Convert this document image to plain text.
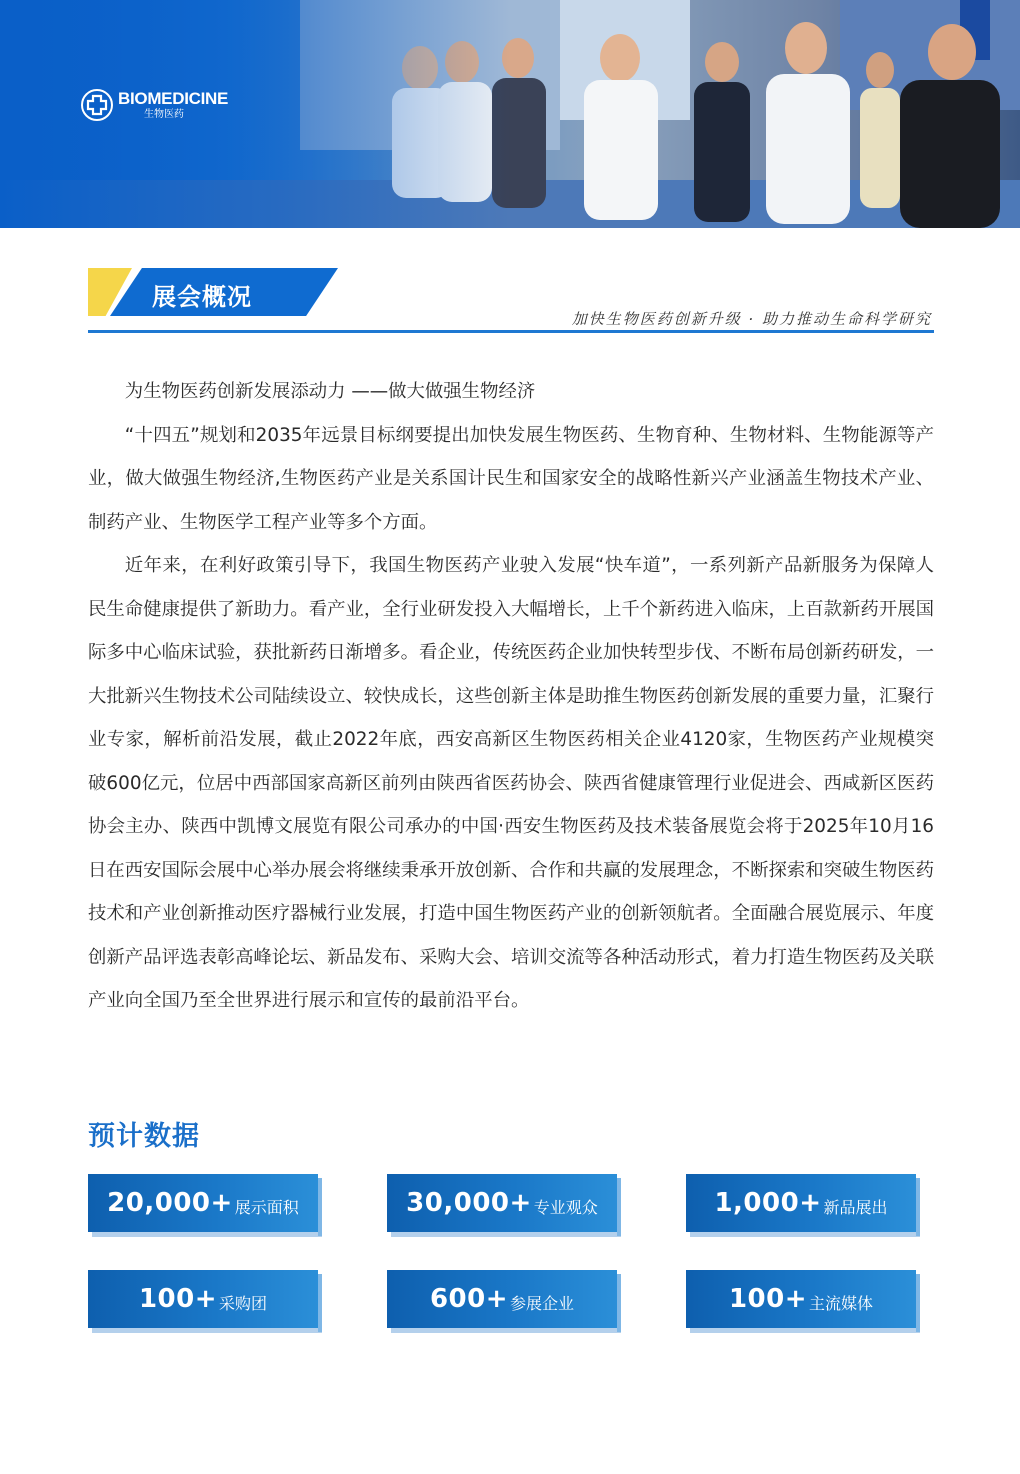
BIOMEDICINE
生物医药
展会概况
加快生物医药创新升级 · 助力推动生命科学研究

为生物医药创新发展添动力 ——做大做强生物经济

“十四五”规划和2035年远景目标纲要提出加快发展生物医药、生物育种、生物材料、生物能源等产业，做大做强生物经济,生物医药产业是关系国计民生和国家安全的战略性新兴产业涵盖生物技术产业、制药产业、生物医学工程产业等多个方面。

近年来，在利好政策引导下，我国生物医药产业驶入发展“快车道”，一系列新产品新服务为保障人民生命健康提供了新助力。看产业，全行业研发投入大幅增长，上千个新药进入临床，上百款新药开展国际多中心临床试验，获批新药日渐增多。看企业，传统医药企业加快转型步伐、不断布局创新药研发，一大批新兴生物技术公司陆续设立、较快成长，这些创新主体是助推生物医药创新发展的重要力量，汇聚行业专家，解析前沿发展，截止2022年底，西安高新区生物医药相关企业4120家，生物医药产业规模突破600亿元，位居中西部国家高新区前列由陕西省医药协会、陕西省健康管理行业促进会、西咸新区医药协会主办、陕西中凯博文展览有限公司承办的中国·西安生物医药及技术装备展览会将于2025年10月16日在西安国际会展中心举办展会将继续秉承开放创新、合作和共赢的发展理念，不断探索和突破生物医药技术和产业创新推动医疗器械行业发展，打造中国生物医药产业的创新领航者。全面融合展览展示、年度创新产品评选表彰高峰论坛、新品发布、采购大会、培训交流等各种活动形式，着力打造生物医药及关联产业向全国乃至全世界进行展示和宣传的最前沿平台。

预计数据
20,000+ 展示面积	30,000+ 专业观众	1,000+ 新品展出
100+ 采购团	600+ 参展企业	100+ 主流媒体
